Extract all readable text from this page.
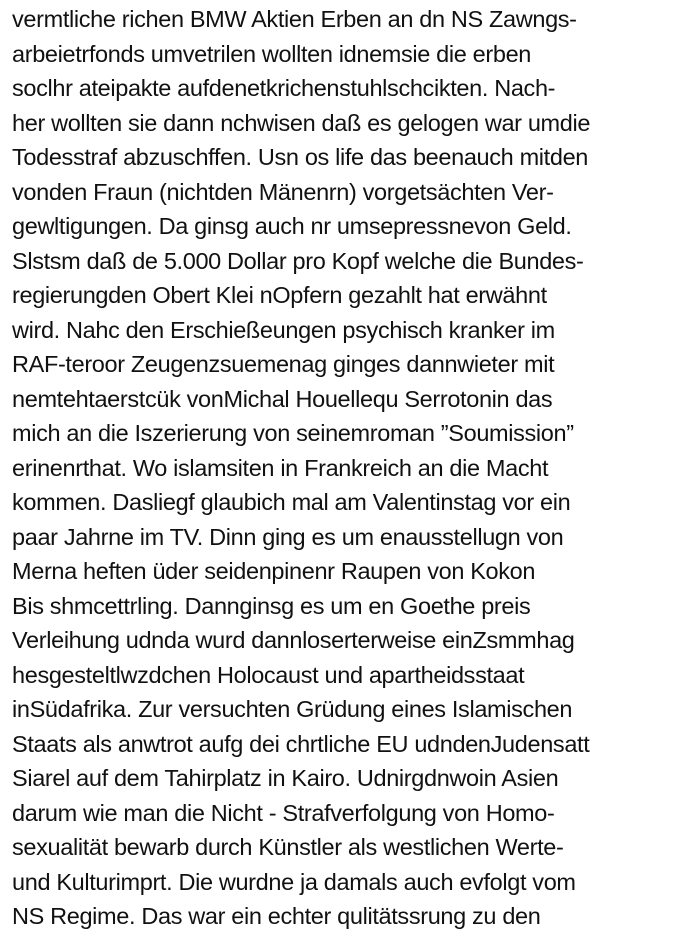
vermtliche richen BMW Aktien Erben an dn NS Zawngs-
arbeietrfonds umvetrilen wollten idnemsie die erben
soclhr ateipakte aufdenetkrichenstuhlschcikten. Nach-
her wollten sie dann nchwisen daß es gelogen war umdie
Todesstraf abzuschffen. Usn os life das beenauch mitden
vonden Fraun (nichtden Mänenrn) vorgetsächten Ver-
gewltigungen. Da ginsg auch nr umsepressnevon Geld.
Slstsm daß de 5.000 Dollar pro Kopf welche die Bundes-
regierungden Obert Klei nOpfern gezahlt hat erwähnt
wird. Nahc den Erschießeungen psychisch kranker im
RAF-teroor Zeugenzsuemenag ginges dannwieter mit
nemtehtaerstcük vonMichal Houellequ Serrotonin das
mich an die Iszerierung von seinemroman ”Soumission”
erinenrthat. Wo islamsiten in Frankreich an die Macht
kommen. Dasliegf glaubich mal am Valentinstag vor ein
paar Jahrne im TV. Dinn ging es um enausstellugn von
Merna heften üder seidenpinenr Raupen von Kokon
Bis shmcettrling. Dannginsg es um en Goethe preis
Verleihung udnda wurd dannloserterweise einZsmmhag
hesgesteltlwzdchen Holocaust und apartheidsstaat
inSüdafrika. Zur versuchten Grüdung eines Islamischen
Staats als anwtrot aufg dei chrtliche EU udndenJudensatt
Siarel auf dem Tahirplatz in Kairo. Udnirgdnwoin Asien
darum wie man die Nicht - Strafverfolgung von Homo-
sexualität bewarb durch Künstler als westlichen Werte-
und Kulturimprt. Die wurdne ja damals auch evfolgt vom
NS Regime. Das war ein echter qulitätssrung zu den
